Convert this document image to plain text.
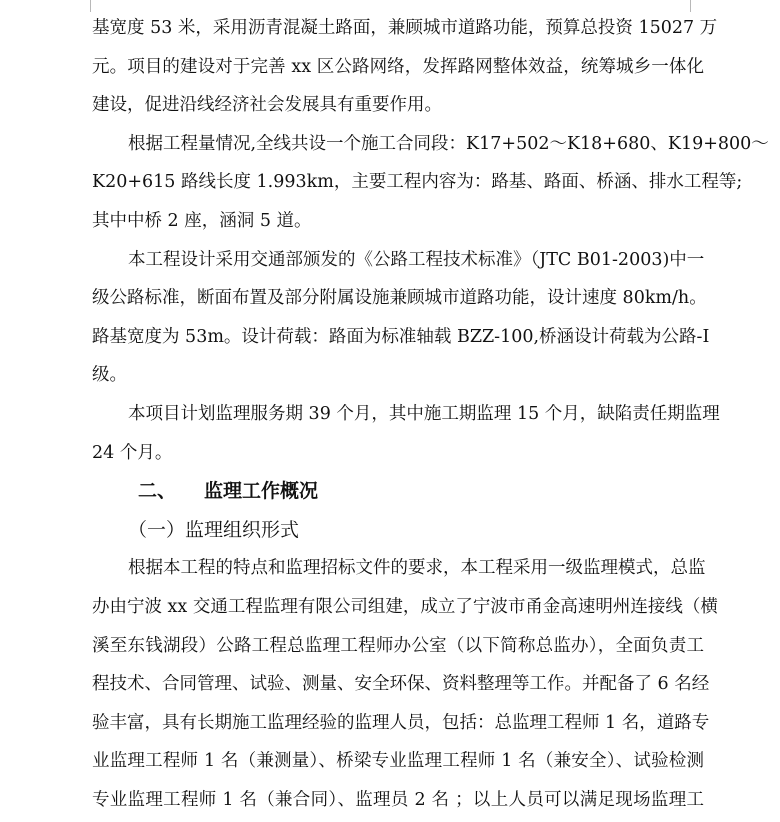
基宽度 53 米，采用沥青混凝土路面，兼顾城市道路功能，预算总投资 15027 万
元。项目的建设对于完善 xx 区公路网络，发挥路网整体效益，统筹城乡一体化
建设，促进沿线经济社会发展具有重要作用。
根据工程量情况,全线共设一个施工合同段：K17+502～K18+680、K19+800～
K20+615 路线长度 1.993km，主要工程内容为：路基、路面、桥涵、排水工程等;
其中中桥 2 座，涵洞 5 道。
本工程设计采用交通部颁发的《公路工程技术标准》（JTC B01-2003)中一
级公路标准，断面布置及部分附属设施兼顾城市道路功能，设计速度 80km/h。
路基宽度为 53m。设计荷载：路面为标准轴载 BZZ-100,桥涵设计荷载为公路-I
级。
本项目计划监理服务期 39 个月，其中施工期监理 15 个月，缺陷责任期监理
24 个月。
二、 监理工作概况
（一）监理组织形式
根据本工程的特点和监理招标文件的要求，本工程采用一级监理模式，总监
办由宁波 xx 交通工程监理有限公司组建，成立了宁波市甬金高速明州连接线（横
溪至东钱湖段）公路工程总监理工程师办公室（以下简称总监办），全面负责工
程技术、合同管理、试验、测量、安全环保、资料整理等工作。并配备了 6 名经
验丰富，具有长期施工监理经验的监理人员，包括：总监理工程师 1 名，道路专
业监理工程师 1 名（兼测量）、桥梁专业监理工程师 1 名（兼安全）、试验检测
专业监理工程师 1 名（兼合同）、监理员 2 名 ；以上人员可以满足现场监理工
